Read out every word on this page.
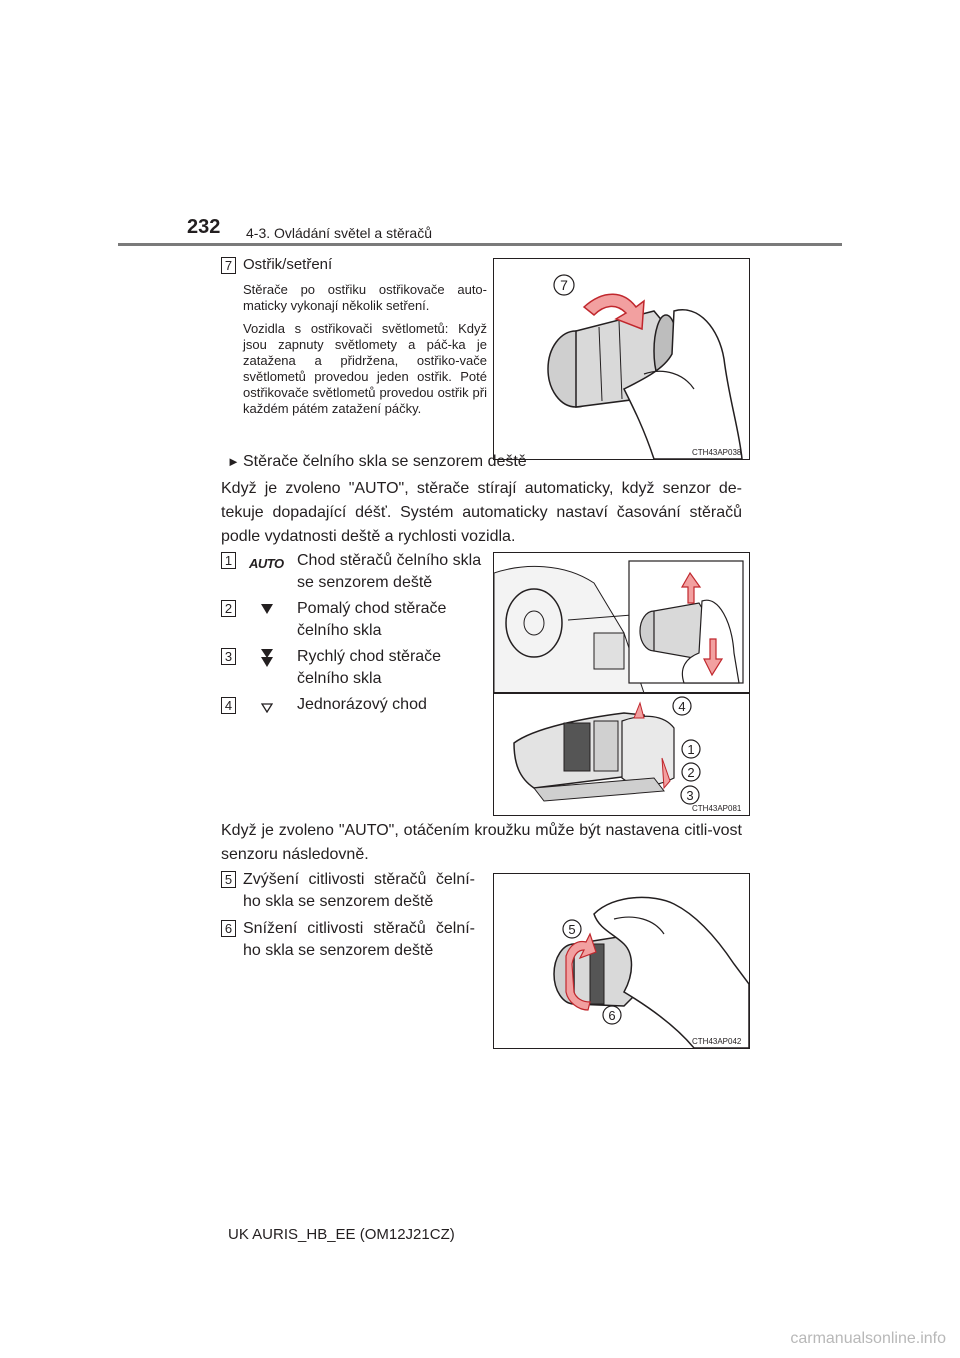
232 4-3. Ovládání světel a stěračů
7 Ostřik/setření
Stěrače po ostřiku ostřikovače auto-maticky vykonají několik setření.
Vozidla s ostřikovači světlometů: Když jsou zapnuty světlomety a páč-ka je zatažena a přidržena, ostřiko-vače světlometů provedou jeden ostřik. Poté ostřikovače světlometů provedou ostřik při každém pátém zatažení páčky.
7
CTH43AP038
► Stěrače čelního skla se senzorem deště
Když je zvoleno "AUTO", stěrače stírají automaticky, když senzor de-tekuje dopadající déšť. Systém automaticky nastaví časování stěračů podle vydatnosti deště a rychlosti vozidla.
1 AUTO Chod stěračů čelního skla se senzorem deště
2	Pomalý chod stěrače čelního skla
3	Rychlý chod stěrače čelního skla
4	Jednorázový chod	4
1
2
3
CTH43AP081
Když je zvoleno "AUTO", otáčením kroužku může být nastavena citli-vost senzoru následovně.
5 Zvýšení citlivosti stěračů čelní-ho skla se senzorem deště
6 Snížení citlivosti stěračů čelní-ho skla se senzorem deště
5
6
CTH43AP042
UK AURIS_HB_EE (OM12J21CZ)
carmanualsonline.info
